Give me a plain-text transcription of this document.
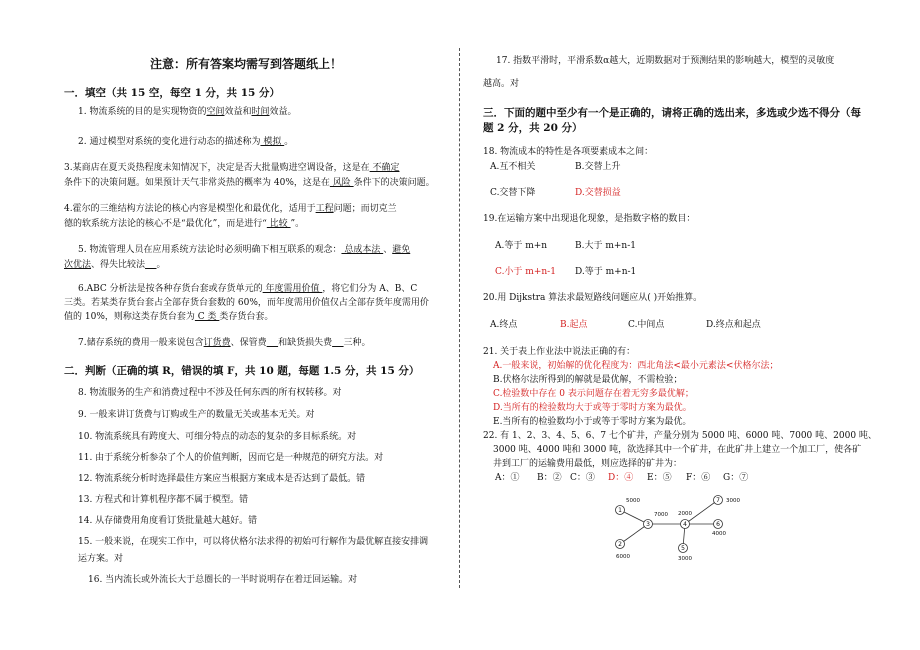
注意：所有答案均需写到答题纸上！
一．填空（共 15 空，每空 1 分，共 15 分）
1. 物流系统的目的是实现物资的空间效益和时间效益。
2. 通过模型对系统的变化进行动态的描述称为 模拟 。
3.某商店在夏天炎热程度未知情况下，决定是否大批量购进空调设备，这是在 不确定
条件下的决策问题。如果预计天气非常炎热的概率为 40%，这是在 风险 条件下的决策问题。
4.霍尔的三维结构方法论的核心内容是模型化和最优化，适用于工程问题；而切克兰
德的软系统方法论的核心不是“最优化”，而是进行“ 比较 ”。
5. 物流管理人员在应用系统方法论时必须明确下相互联系的观念： 总成本法 、避免
次优法、得失比较法 。
6.ABC 分析法是按各种存货台套或存货单元的 年度需用价值 ，将它们分为 A、B、C
三类。若某类存货台套占全部存货台套数的 60%，而年度需用价值仅占全部存货年度需用价
值的 10%，则称这类存货台套为 C 类 类存货台套。
7.储存系统的费用一般来说包含订货费、保管费 和缺货损失费 三种。
二．判断（正确的填 R，错误的填 F，共 10 题，每题 1.5 分，共 15 分）
8. 物流服务的生产和消费过程中不涉及任何东西的所有权转移。对
9. 一般来讲订货费与订购或生产的数量无关或基本无关。对
10. 物流系统具有跨度大、可细分特点的动态的复杂的多目标系统。对
11. 由于系统分析参杂了个人的价值判断，因而它是一种规范的研究方法。对
12. 物流系统分析时选择最佳方案应当根据方案成本是否达到了最低。错
13. 方程式和计算机程序都不属于模型。错
14. 从存储费用角度看订货批量越大越好。错
15. 一般来说，在现实工作中，可以将伏格尔法求得的初始可行解作为最优解直接安排调
运方案。对
16. 当内流长或外流长大于总圈长的一半时说明存在着迂回运输。对
17. 指数平滑时，平滑系数α越大，近期数据对于预测结果的影响越大，模型的灵敏度
越高。对
三．下面的题中至少有一个是正确的，请将正确的选出来，多选或少选不得分（每
题 2 分，共 20 分）
18. 物流成本的特性是各项要素成本之间：
A.互不相关	B.交替上升
C.交替下降	D.交替损益
19.在运输方案中出现退化现象，是指数字格的数目：
A.等于 m+n	B.大于 m+n-1
C.小于 m+n-1 D.等于 m+n-1
20.用 Dijkstra 算法求最短路线问题应从( )开始推算。
A.终点	B.起点	C.中间点	D.终点和起点
21. 关于表上作业法中说法正确的有：
A.一般来说，初始解的优化程度为：西北角法<最小元素法<伏格尔法；
B.伏格尔法所得到的解就是最优解，不需检验；
C.检验数中存在 0 表示问题存在着无穷多最优解；
D.当所有的检验数均大于或等于零时方案为最优。
E.当所有的检验数均小于或等于零时方案为最优。
22. 有 1、2、3、4、5、6、7 七个矿井，产量分别为 5000 吨、6000 吨、7000 吨、2000 吨、
3000 吨、4000 吨和 3000 吨，欲选择其中一个矿井，在此矿井上建立一个加工厂，使各矿
井到工厂的运输费用最低，则应选择的矿井为：
A：① B：② C：③ D：④ E：⑤ F：⑥ G：⑦
1
2
3	4
5
6
7
5000
6000
7000 2000
3000
4000
3000
